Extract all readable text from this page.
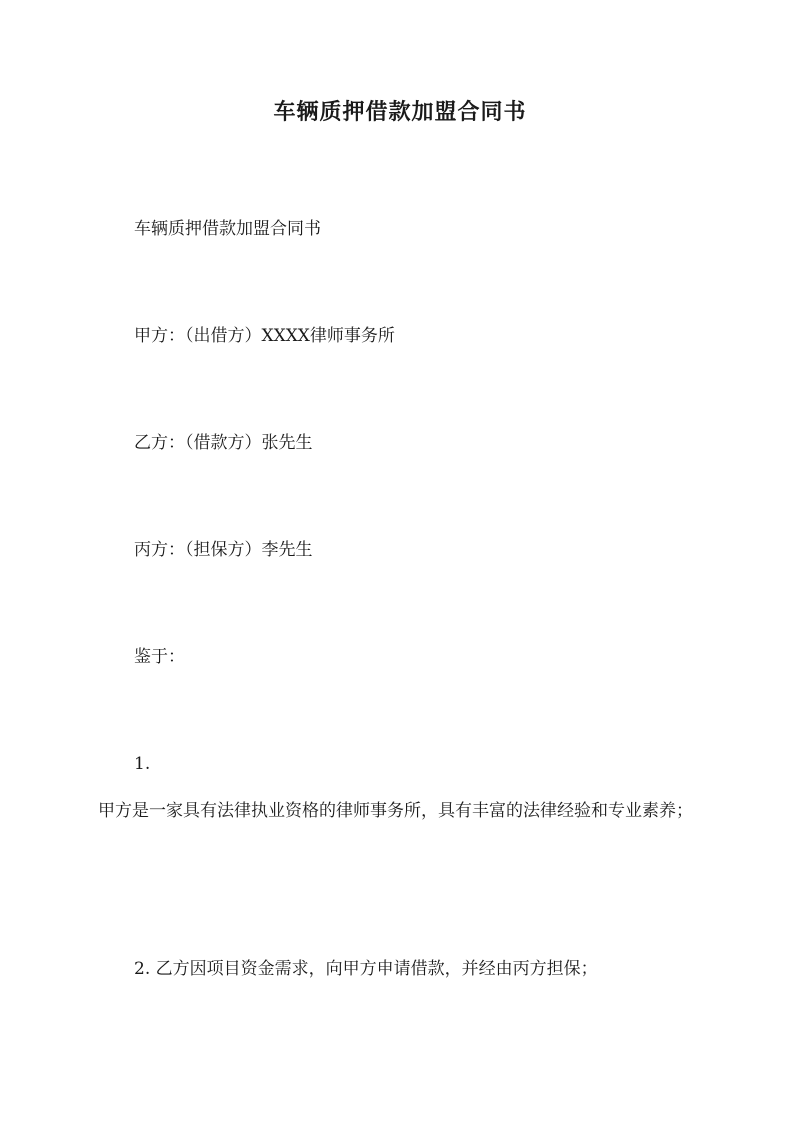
车辆质押借款加盟合同书

车辆质押借款加盟合同书

甲方：（出借方）XXXX律师事务所

乙方：（借款方）张先生

丙方：（担保方）李先生

鉴于：

1.

甲方是一家具有法律执业资格的律师事务所，具有丰富的法律经验和专业素养；

2. 乙方因项目资金需求，向甲方申请借款，并经由丙方担保；
